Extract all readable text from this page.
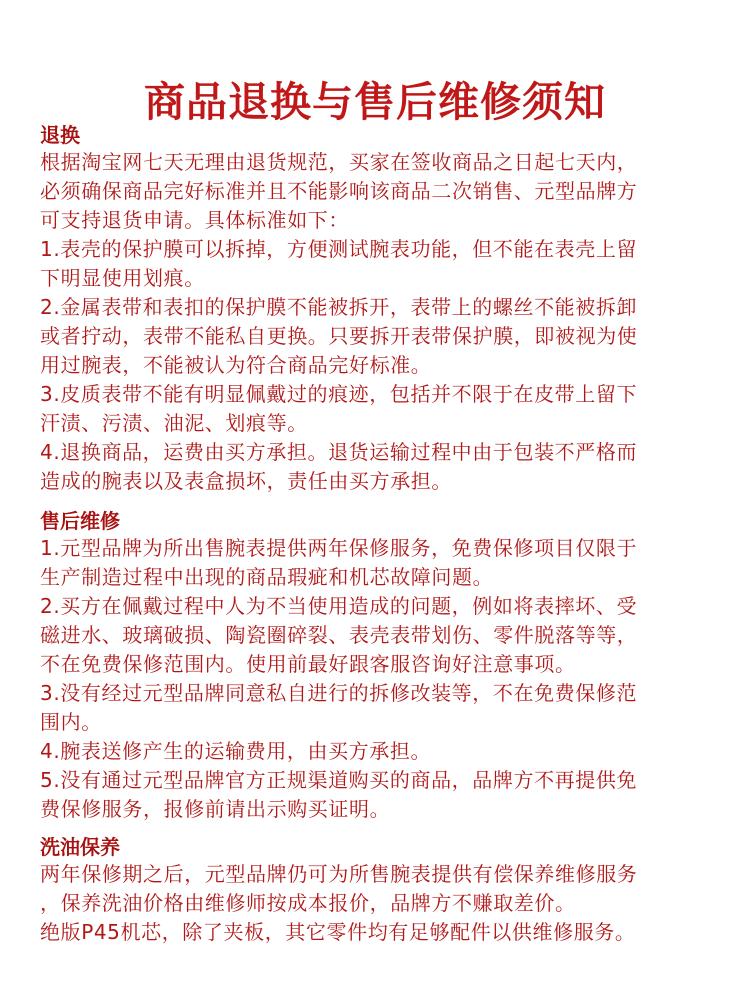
商品退换与售后维修须知
退换
根据淘宝网七天无理由退货规范，买家在签收商品之日起七天内，
必须确保商品完好标准并且不能影响该商品二次销售、元型品牌方
可支持退货申请。具体标准如下：
1.表壳的保护膜可以拆掉，方便测试腕表功能，但不能在表壳上留
下明显使用划痕。
2.金属表带和表扣的保护膜不能被拆开，表带上的螺丝不能被拆卸
或者拧动，表带不能私自更换。只要拆开表带保护膜，即被视为使
用过腕表，不能被认为符合商品完好标准。
3.皮质表带不能有明显佩戴过的痕迹，包括并不限于在皮带上留下
汗渍、污渍、油泥、划痕等。
4.退换商品，运费由买方承担。退货运输过程中由于包装不严格而
造成的腕表以及表盒损坏，责任由买方承担。
售后维修
1.元型品牌为所出售腕表提供两年保修服务，免费保修项目仅限于
生产制造过程中出现的商品瑕疵和机芯故障问题。
2.买方在佩戴过程中人为不当使用造成的问题，例如将表摔坏、受
磁进水、玻璃破损、陶瓷圈碎裂、表壳表带划伤、零件脱落等等，
不在免费保修范围内。使用前最好跟客服咨询好注意事项。
3.没有经过元型品牌同意私自进行的拆修改装等，不在免费保修范
围内。
4.腕表送修产生的运输费用，由买方承担。
5.没有通过元型品牌官方正规渠道购买的商品，品牌方不再提供免
费保修服务，报修前请出示购买证明。
洗油保养
两年保修期之后，元型品牌仍可为所售腕表提供有偿保养维修服务
，保养洗油价格由维修师按成本报价，品牌方不赚取差价。
绝版P45机芯，除了夹板，其它零件均有足够配件以供维修服务。
